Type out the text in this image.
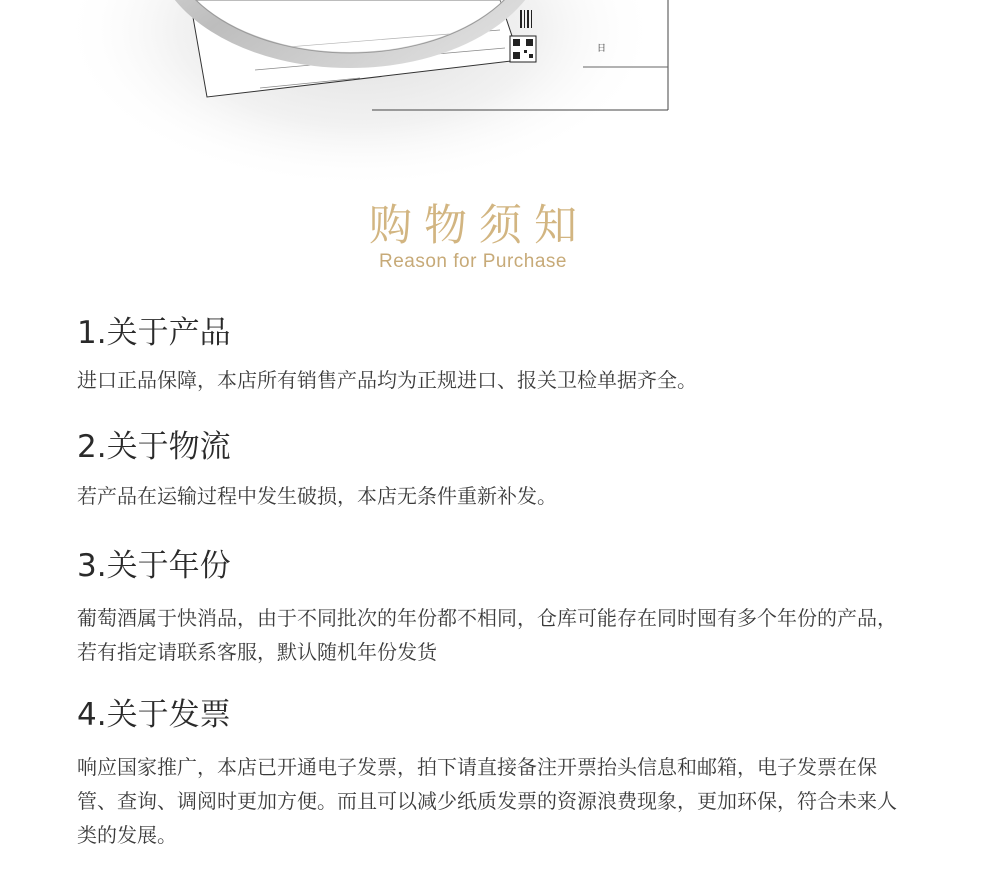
日
购物须知
Reason for Purchase
1.关于产品

进口正品保障，本店所有销售产品均为正规进口、报关卫检单据齐全。

2.关于物流

若产品在运输过程中发生破损，本店无条件重新补发。

3.关于年份

葡萄酒属于快消品，由于不同批次的年份都不相同，仓库可能存在同时囤有多个年份的产品，若有指定请联系客服，默认随机年份发货

4.关于发票

响应国家推广，本店已开通电子发票，拍下请直接备注开票抬头信息和邮箱，电子发票在保管、查询、调阅时更加方便。而且可以减少纸质发票的资源浪费现象，更加环保，符合未来人类的发展。
